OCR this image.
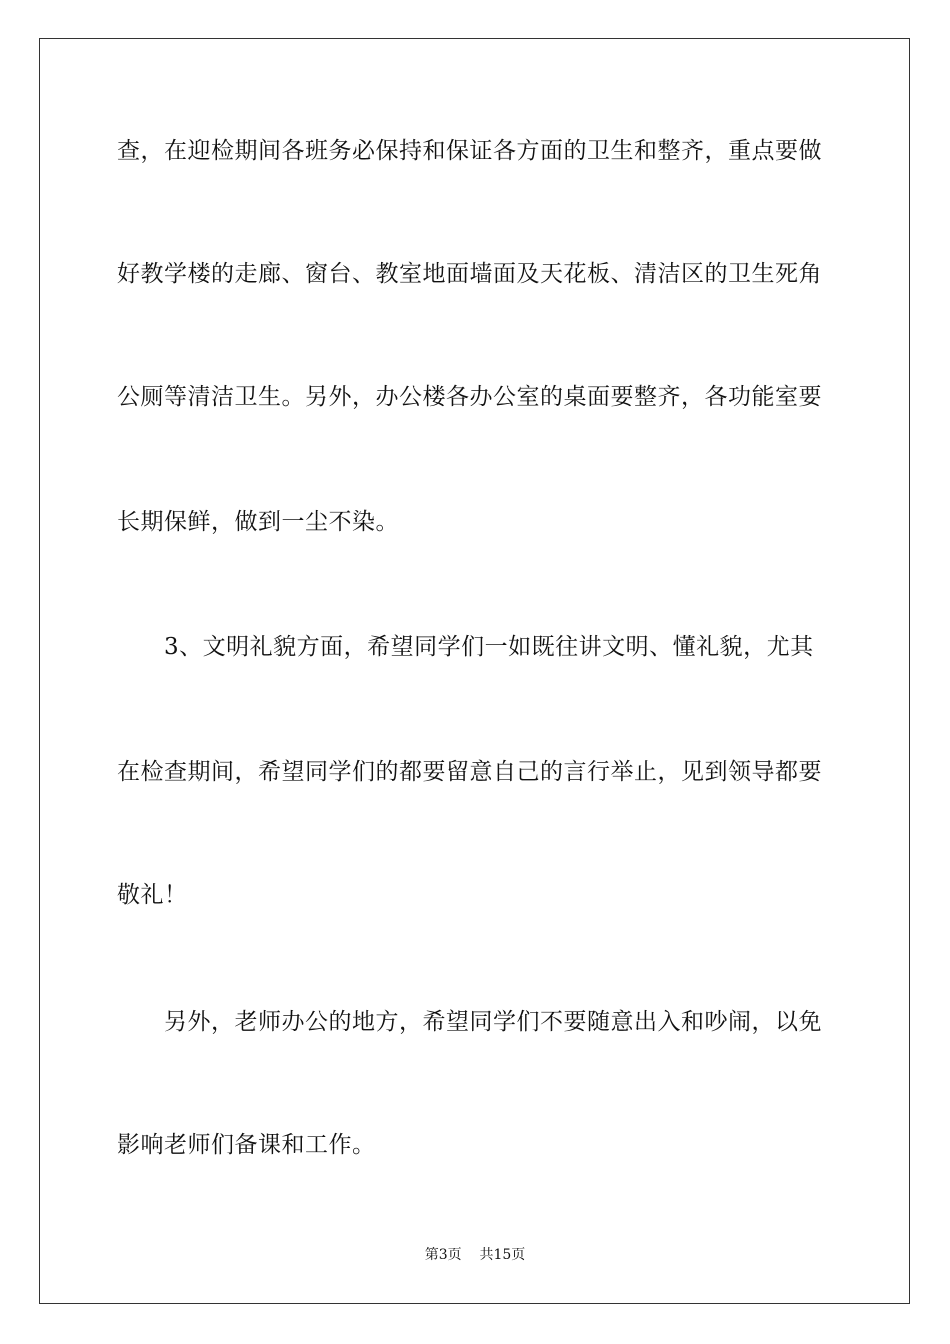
查，在迎检期间各班务必保持和保证各方面的卫生和整齐，重点要做
好教学楼的走廊、窗台、教室地面墙面及天花板、清洁区的卫生死角
公厕等清洁卫生。另外，办公楼各办公室的桌面要整齐，各功能室要
长期保鲜，做到一尘不染。
　　3、文明礼貌方面，希望同学们一如既往讲文明、懂礼貌，尤其
在检查期间，希望同学们的都要留意自己的言行举止，见到领导都要
敬礼！
　　另外，老师办公的地方，希望同学们不要随意出入和吵闹，以免
影响老师们备课和工作。
第3页 共15页
